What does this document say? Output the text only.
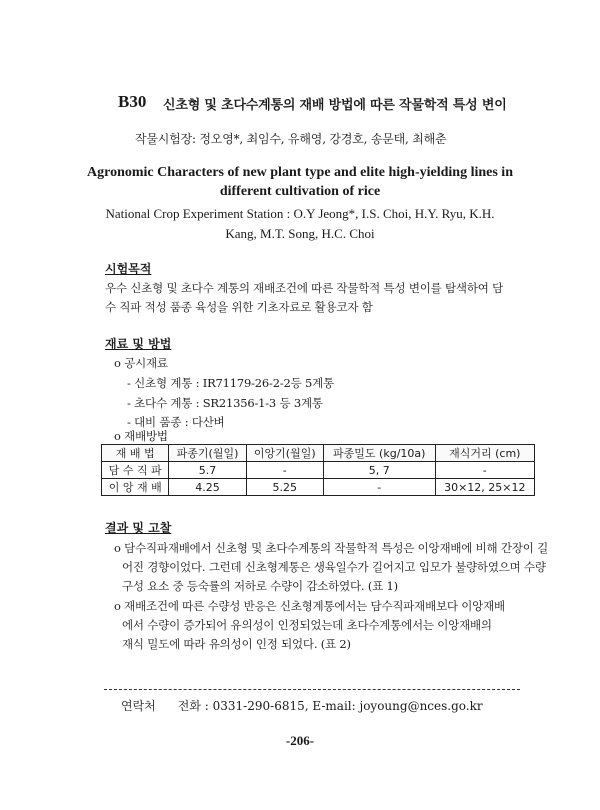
B30 신초형 및 초다수계통의 재배 방법에 따른 작물학적 특성 변이
작물시험장: 정오영*, 최임수, 유해영, 강경호, 송문태, 최해춘
Agronomic Characters of new plant type and elite high-yielding lines in
different cultivation of rice
National Crop Experiment Station : O.Y Jeong*, I.S. Choi, H.Y. Ryu, K.H.
Kang, M.T. Song, H.C. Choi
시험목적
우수 신초형 및 초다수 계통의 재배조건에 따른 작물학적 특성 변이를 탐색하여 담
수 직파 적성 품종 육성을 위한 기초자료로 활용코자 함
재료 및 방법
o 공시재료
- 신초형 계통 : IR71179-26-2-2등 5계통
- 초다수 계통 : SR21356-1-3 등 3계통
- 대비 품종 : 다산벼
o 재배방법
재 배 법	파종기(월일)	이앙기(월일)	파종밀도 (kg/10a)	재식거리 (cm)
담 수 직 파	5.7	-	5, 7	-
이 앙 재 배	4.25	5.25	-	30×12, 25×12
결과 및 고찰
o 담수직파재배에서 신초형 및 초다수계통의 작물학적 특성은 이앙재배에 비해 간장이 길
어진 경향이었다. 그런데 신초형계통은 생육일수가 길어지고 입모가 불량하였으며 수량
구성 요소 중 등숙률의 저하로 수량이 감소하였다. (표 1)
o 재배조건에 따른 수량성 반응은 신초형계통에서는 담수직파재배보다 이앙재배
에서 수량이 증가되어 유의성이 인정되었는데 초다수계통에서는 이앙재배의
재식 밀도에 따라 유의성이 인정 되었다. (표 2)
연락처 전화 : 0331-290-6815, E-mail: joyoung@nces.go.kr
-206-
